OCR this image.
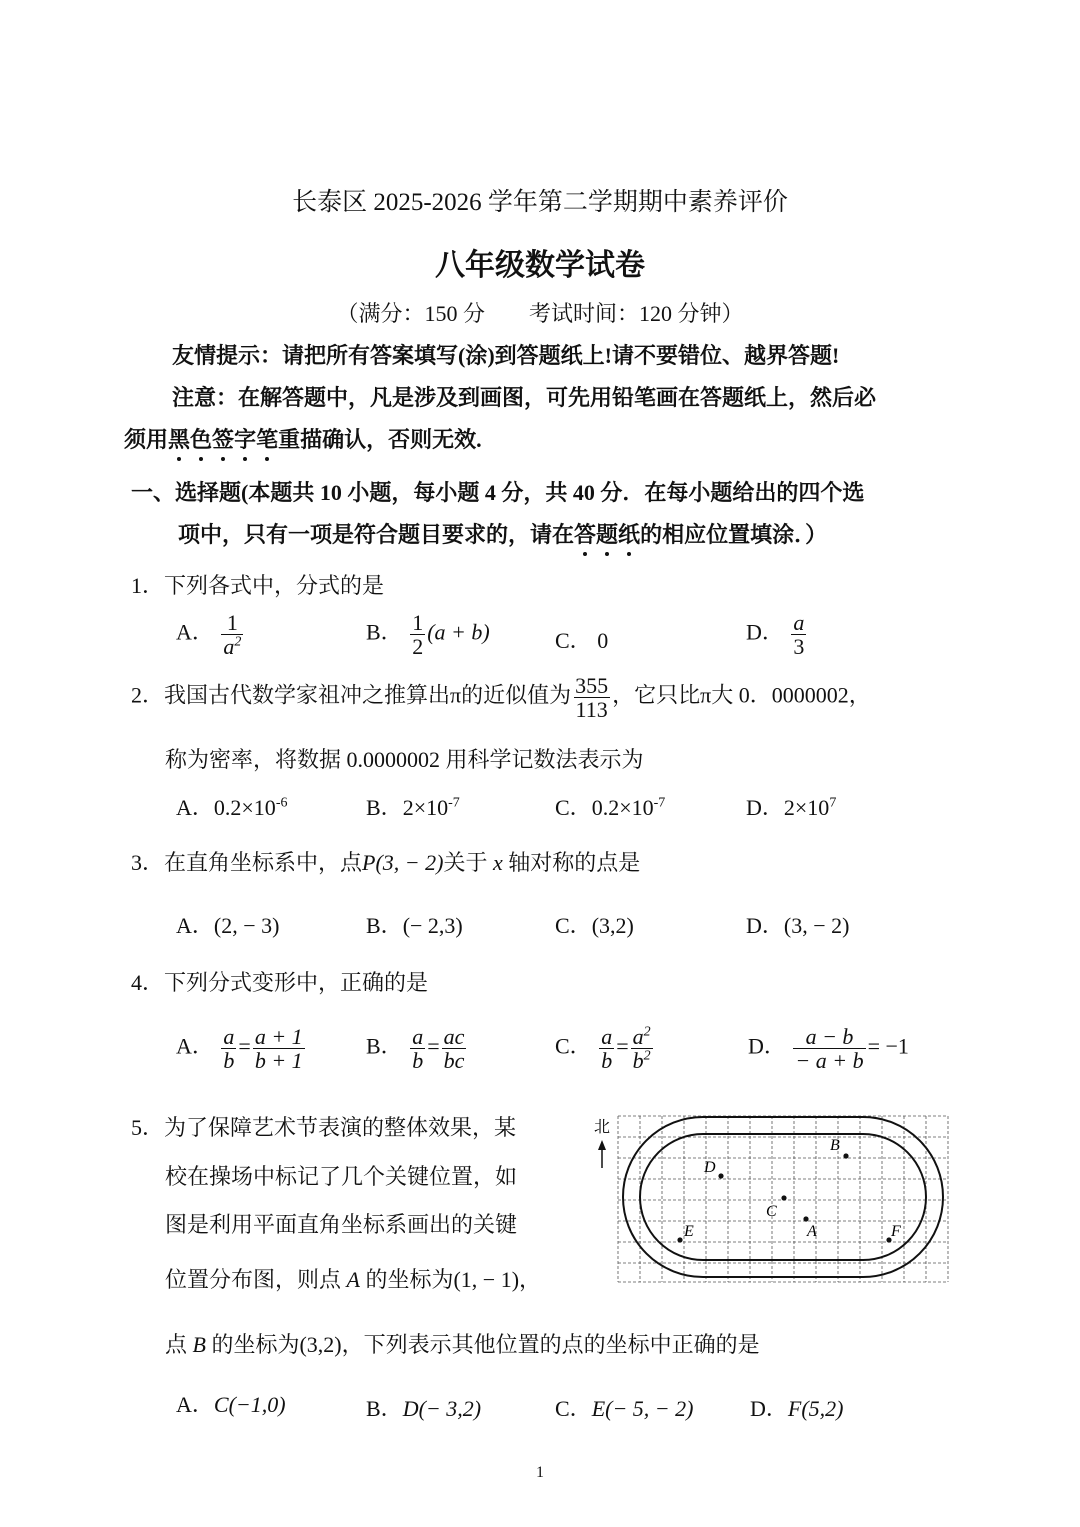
长泰区 2025-2026 学年第二学期期中素养评价
八年级数学试卷
（满分：150 分　　考试时间：120 分钟）
友情提示：请把所有答案填写(涂)到答题纸上!请不要错位、越界答题!
注意：在解答题中，凡是涉及到画图，可先用铅笔画在答题纸上，然后必
须用黑色签字笔重描确认，否则无效.
一、选择题(本题共 10 小题，每小题 4 分，共 40 分．在每小题给出的四个选
项中，只有一项是符合题目要求的，请在答题纸的相应位置填涂．）
1．下列各式中，分式的是
A． $\frac{1}{a^2}$	B． $\frac{1}{2} (a + b)$	C． 0	D． $\frac{a}{3}$
2．我国古代数学家祖冲之推算出π的近似值为 $\frac{355}{113}$ ，它只比π大 0．0000002，
称为密率，将数据 0.0000002 用科学记数法表示为
A．$0.2\times 10^{-6}$	B．$2\times 10^{-7}$	C．$0.2\times 10^{-7}$	D．$2\times 10^7$
3．在直角坐标系中，点P(3, − 2)关于 x 轴对称的点是
A．(2, − 3)	B．(− 2,3)	C．(3,2)	D．(3, − 2)
4．下列分式变形中，正确的是
A． $\frac{a}{b} = \frac{a + 1}{b + 1}$	B． $\frac{a}{b} = \frac{ac}{bc}$	C． $\frac{a}{b} = \frac{a^2}{b^2}$	D． $\frac{a - b}{- a + b} = -1$
5．为了保障艺术节表演的整体效果，某
校在操场中标记了几个关键位置，如
图是利用平面直角坐标系画出的关键
位置分布图，则点 A 的坐标为(1, − 1)，
点 B 的坐标为(3,2)，下列表示其他位置的点的坐标中正确的是
北
B
D
C
A
E	F
A．C(−1,0)	B．D(− 3,2)	C．E(− 5, − 2)	D．F(5,2)
1
